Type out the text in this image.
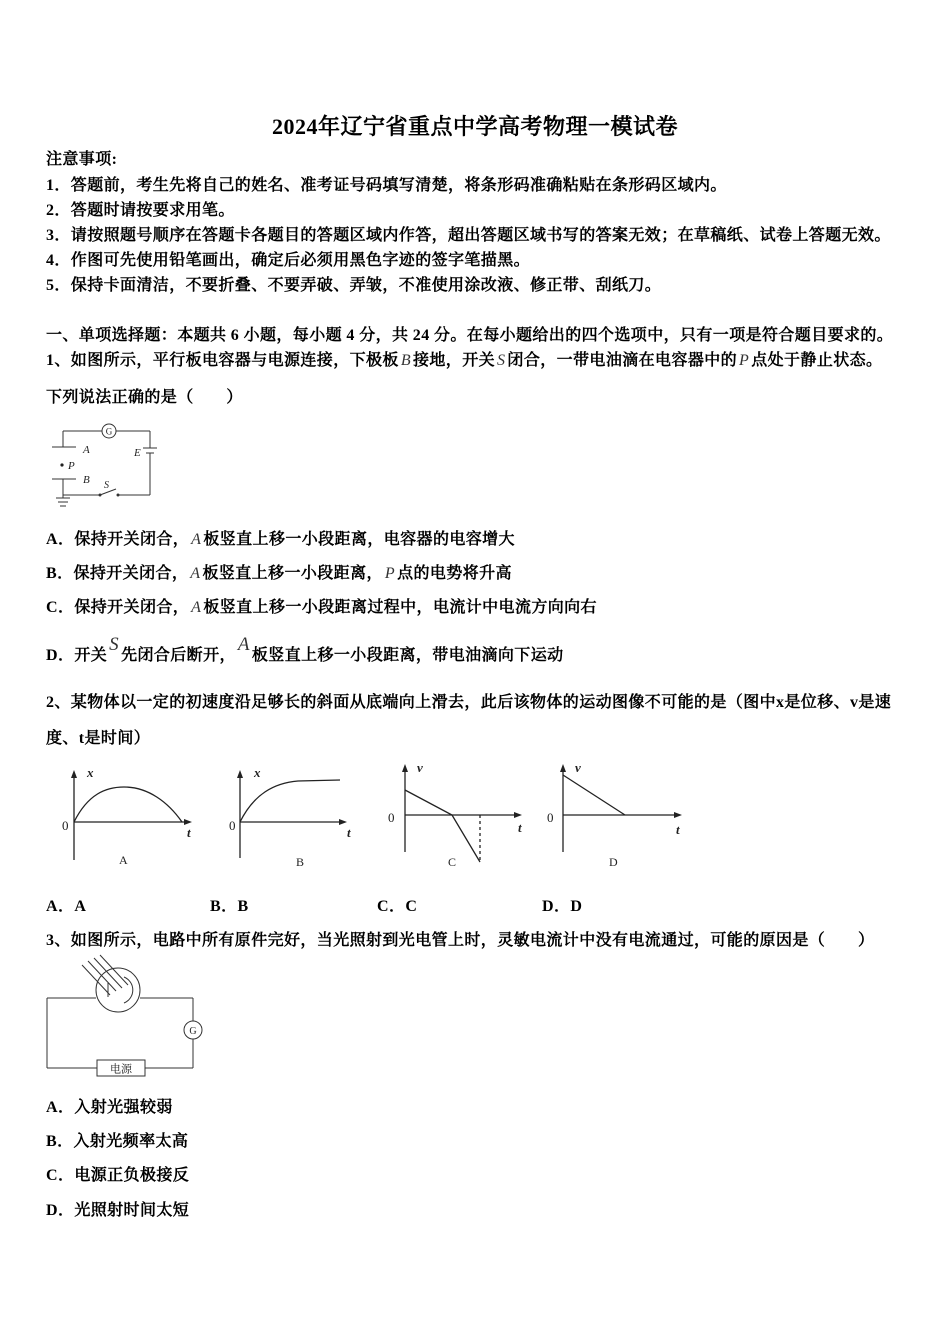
2024年辽宁省重点中学高考物理一模试卷
注意事项:
1．答题前，考生先将自己的姓名、准考证号码填写清楚，将条形码准确粘贴在条形码区域内。
2．答题时请按要求用笔。
3．请按照题号顺序在答题卡各题目的答题区域内作答，超出答题区域书写的答案无效；在草稿纸、试卷上答题无效。
4．作图可先使用铅笔画出，确定后必须用黑色字迹的签字笔描黑。
5．保持卡面清洁，不要折叠、不要弄破、弄皱，不准使用涂改液、修正带、刮纸刀。
一、单项选择题：本题共 6 小题，每小题 4 分，共 24 分。在每小题给出的四个选项中，只有一项是符合题目要求的。
1、如图所示，平行板电容器与电源连接，下极板 B 接地，开关 S 闭合，一带电油滴在电容器中的 P 点处于静止状态。
下列说法正确的是（　　）
G
A
P
B S
E
A．保持开关闭合， A 板竖直上移一小段距离，电容器的电容增大
B．保持开关闭合， A 板竖直上移一小段距离， P 点的电势将升高
C．保持开关闭合， A 板竖直上移一小段距离过程中，电流计中电流方向向右
D．开关S先闭合后断开，A板竖直上移一小段距离，带电油滴向下运动
2、某物体以一定的初速度沿足够长的斜面从底端向上滑去，此后该物体的运动图像不可能的是（图中x是位移、v是速
度、t是时间）
x
0	t
A
x
0	t
B
v
0
t
C
v
0
t
D
A．A	B．B	C．C	D．D
3、如图所示，电路中所有原件完好，当光照射到光电管上时，灵敏电流计中没有电流通过，可能的原因是（　　）
G
电源
A．入射光强较弱
B．入射光频率太高
C．电源正负极接反
D．光照射时间太短
